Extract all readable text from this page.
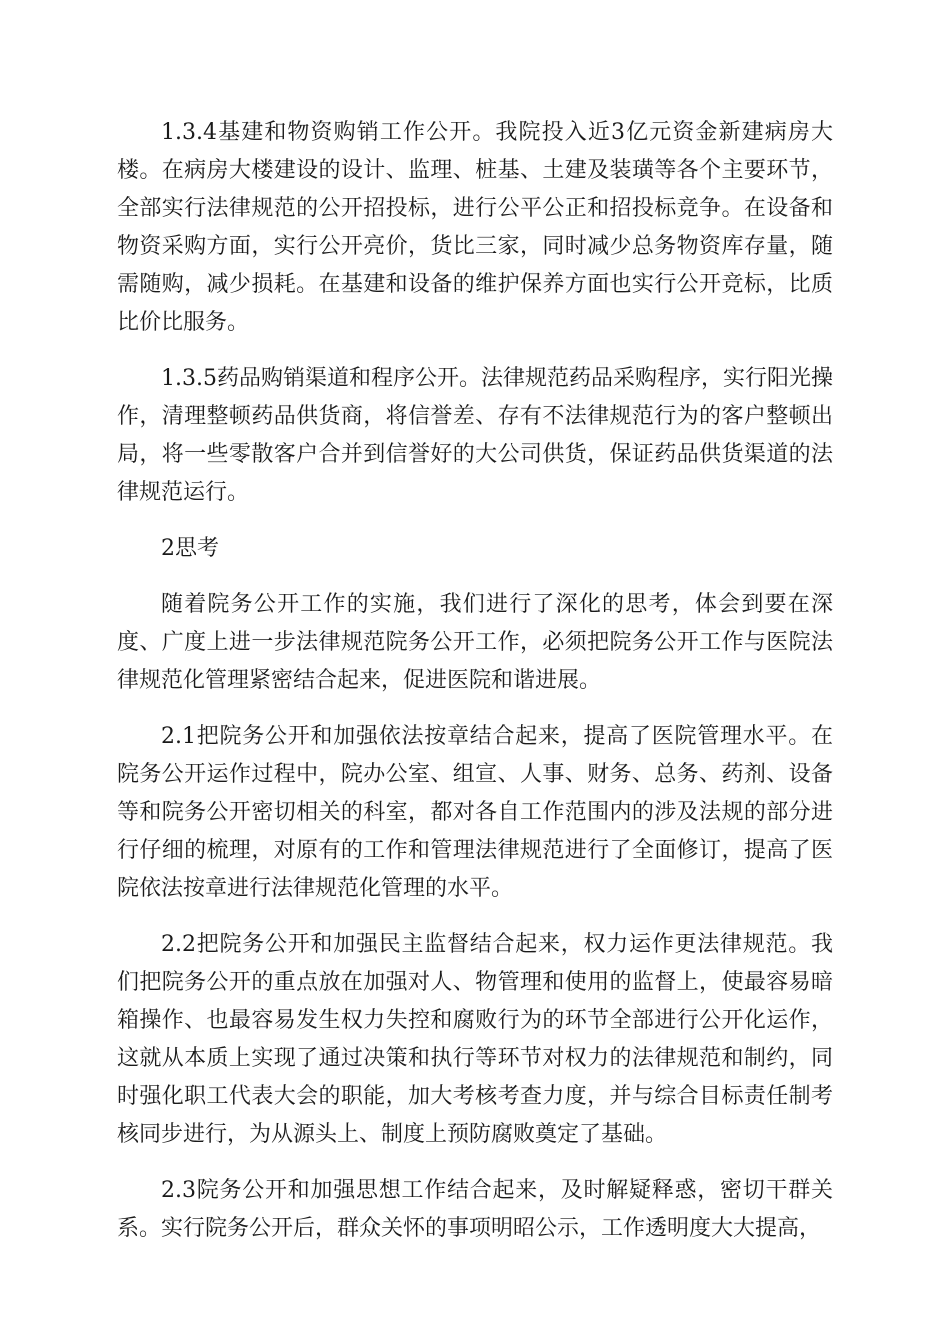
1.3.4基建和物资购销工作公开。我院投入近3亿元资金新建病房大楼。在病房大楼建设的设计、监理、桩基、土建及装璜等各个主要环节，全部实行法律规范的公开招投标，进行公平公正和招投标竞争。在设备和物资采购方面，实行公开亮价，货比三家，同时减少总务物资库存量，随需随购，减少损耗。在基建和设备的维护保养方面也实行公开竞标，比质比价比服务。

1.3.5药品购销渠道和程序公开。法律规范药品采购程序，实行阳光操作，清理整顿药品供货商，将信誉差、存有不法律规范行为的客户整顿出局，将一些零散客户合并到信誉好的大公司供货，保证药品供货渠道的法律规范运行。

2思考

随着院务公开工作的实施，我们进行了深化的思考，体会到要在深度、广度上进一步法律规范院务公开工作，必须把院务公开工作与医院法律规范化管理紧密结合起来，促进医院和谐进展。

2.1把院务公开和加强依法按章结合起来，提高了医院管理水平。在院务公开运作过程中，院办公室、组宣、人事、财务、总务、药剂、设备等和院务公开密切相关的科室，都对各自工作范围内的涉及法规的部分进行仔细的梳理，对原有的工作和管理法律规范进行了全面修订，提高了医院依法按章进行法律规范化管理的水平。

2.2把院务公开和加强民主监督结合起来，权力运作更法律规范。我们把院务公开的重点放在加强对人、物管理和使用的监督上，使最容易暗箱操作、也最容易发生权力失控和腐败行为的环节全部进行公开化运作，这就从本质上实现了通过决策和执行等环节对权力的法律规范和制约，同时强化职工代表大会的职能，加大考核考查力度，并与综合目标责任制考核同步进行，为从源头上、制度上预防腐败奠定了基础。

2.3院务公开和加强思想工作结合起来，及时解疑释惑，密切干群关系。实行院务公开后，群众关怀的事项明昭公示，工作透明度大大提高，
